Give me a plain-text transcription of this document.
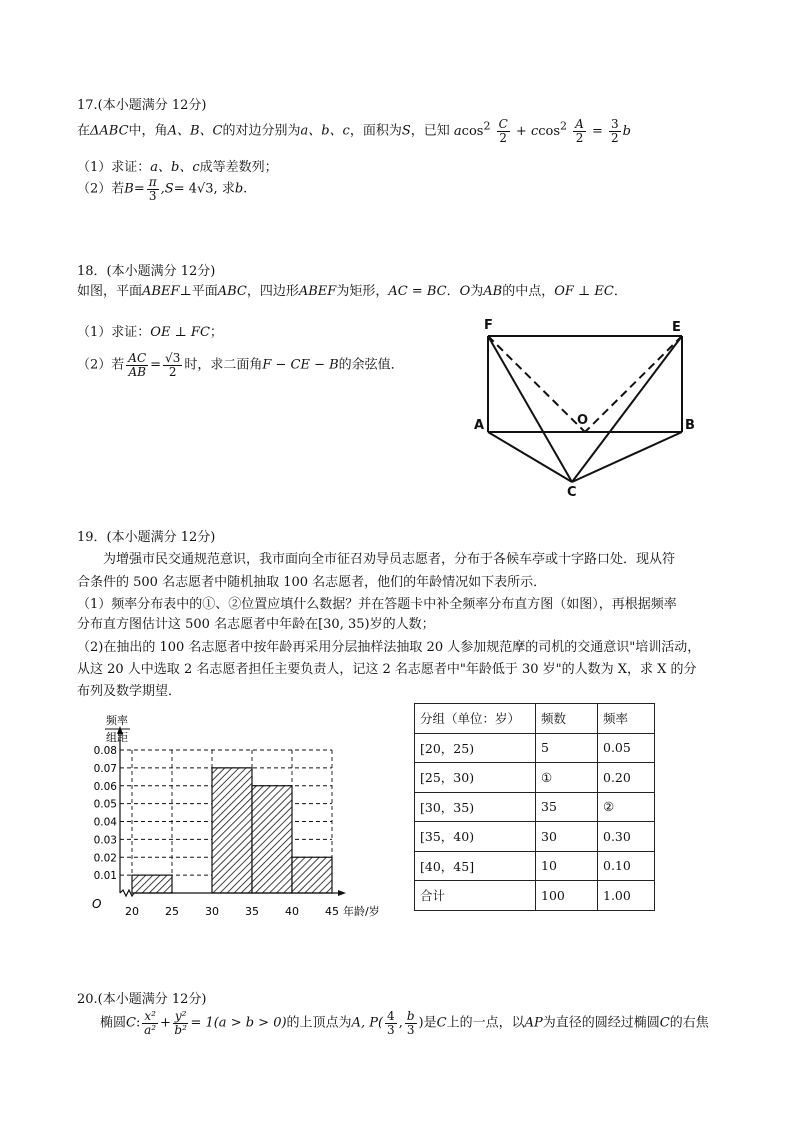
17.(本小题满分 12分)
在ΔABC中，角A、B、C的对边分别为a、b、c，面积为S，已知 $acos^2 \frac{C}{2} + ccos^2 \frac{A}{2} = \frac{3}{2}$ b
（1）求证：a、b、c成等差数列；
（2）若$B= \frac{\pi}{3} ,S= 4√3$, 求b.
18．(本小题满分 12分)
如图，平面ABEF⊥平面ABC，四边形ABEF为矩形，AC = BC．O为AB的中点，OF ⊥ EC．
（1）求证：OE ⊥ FC；
（2）若 $\frac{AC}{AB} = \frac{√3}{2}$ 时，求二面角F − CE − B的余弦值．
F	E
A	B
O
C
19．(本小题满分 12分)
为增强市民交通规范意识，我市面向全市征召劝导员志愿者，分布于各候车亭或十字路口处．现从符
合条件的 500 名志愿者中随机抽取 100 名志愿者，他们的年龄情况如下表所示．
（1）频率分布表中的①、②位置应填什么数据？并在答题卡中补全频率分布直方图（如图），再根据频率
分布直方图估计这 500 名志愿者中年龄在[30, 35)岁的人数；
（2)在抽出的 100 名志愿者中按年龄再采用分层抽样法抽取 20 人参加规范摩的司机的交通意识"培训活动，
从这 20 人中选取 2 名志愿者担任主要负责人，记这 2 名志愿者中"年龄低于 30 岁"的人数为 X，求 X 的分
布列及数学期望．
0.01
0.02
0.03
0.04
0.05
0.06
0.07
0.08
20 25 30 35 40 45
频率
组距
O
年龄/岁
分组（单位：岁）	频数	频率
[20，25)	5	0.05
[25，30)	①	0.20
[30，35)	35	②
[35，40)	30	0.30
[40，45]	10	0.10
合计	100	1.00
20.(本小题满分 12分)
椭圆C: $\frac{\text{x²}}{\text{a²}} + \frac{\text{y²}}{\text{b²}} = 1(a > b > 0)$的上顶点为A, $P( \frac{4}{3}$ , $\frac{b}{3}$ )是C上的一点，以AP为直径的圆经过椭圆C的右焦
